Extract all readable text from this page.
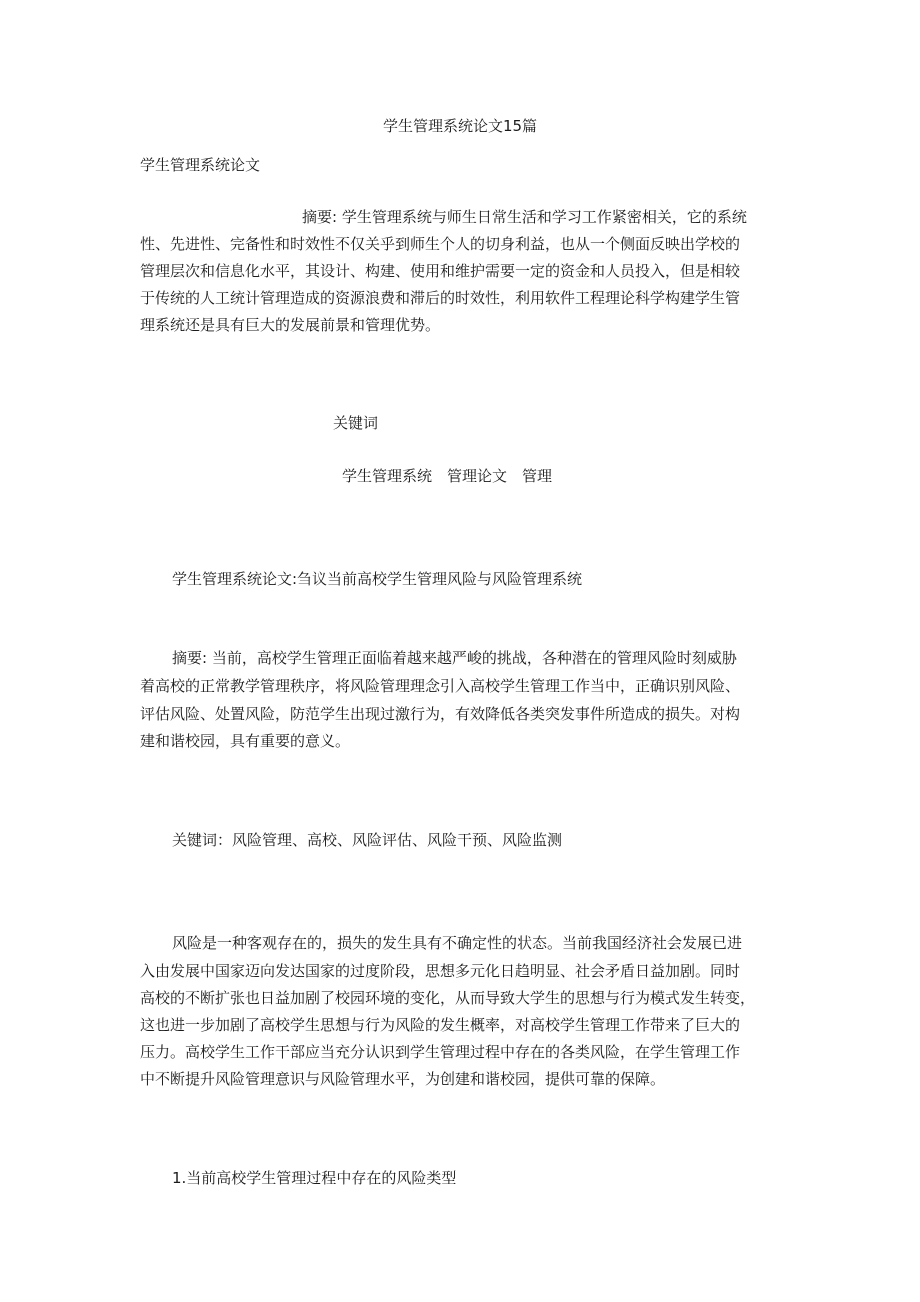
学生管理系统论文15篇
学生管理系统论文
摘要: 学生管理系统与师生日常生活和学习工作紧密相关，它的系统
性、先进性、完备性和时效性不仅关乎到师生个人的切身利益，也从一个侧面反映出学校的
管理层次和信息化水平，其设计、构建、使用和维护需要一定的资金和人员投入，但是相较
于传统的人工统计管理造成的资源浪费和滞后的时效性，利用软件工程理论科学构建学生管
理系统还是具有巨大的发展前景和管理优势。
关键词
学生管理系统　管理论文　管理
学生管理系统论文:刍议当前高校学生管理风险与风险管理系统
摘要: 当前，高校学生管理正面临着越来越严峻的挑战，各种潜在的管理风险时刻威胁
着高校的正常教学管理秩序，将风险管理理念引入高校学生管理工作当中，正确识别风险、
评估风险、处置风险，防范学生出现过激行为，有效降低各类突发事件所造成的损失。对构
建和谐校园，具有重要的意义。
关键词：风险管理、高校、风险评估、风险干预、风险监测
风险是一种客观存在的，损失的发生具有不确定性的状态。当前我国经济社会发展已进
入由发展中国家迈向发达国家的过度阶段，思想多元化日趋明显、社会矛盾日益加剧。同时
高校的不断扩张也日益加剧了校园环境的变化，从而导致大学生的思想与行为模式发生转变，
这也进一步加剧了高校学生思想与行为风险的发生概率，对高校学生管理工作带来了巨大的
压力。高校学生工作干部应当充分认识到学生管理过程中存在的各类风险，在学生管理工作
中不断提升风险管理意识与风险管理水平，为创建和谐校园，提供可靠的保障。
1.当前高校学生管理过程中存在的风险类型
